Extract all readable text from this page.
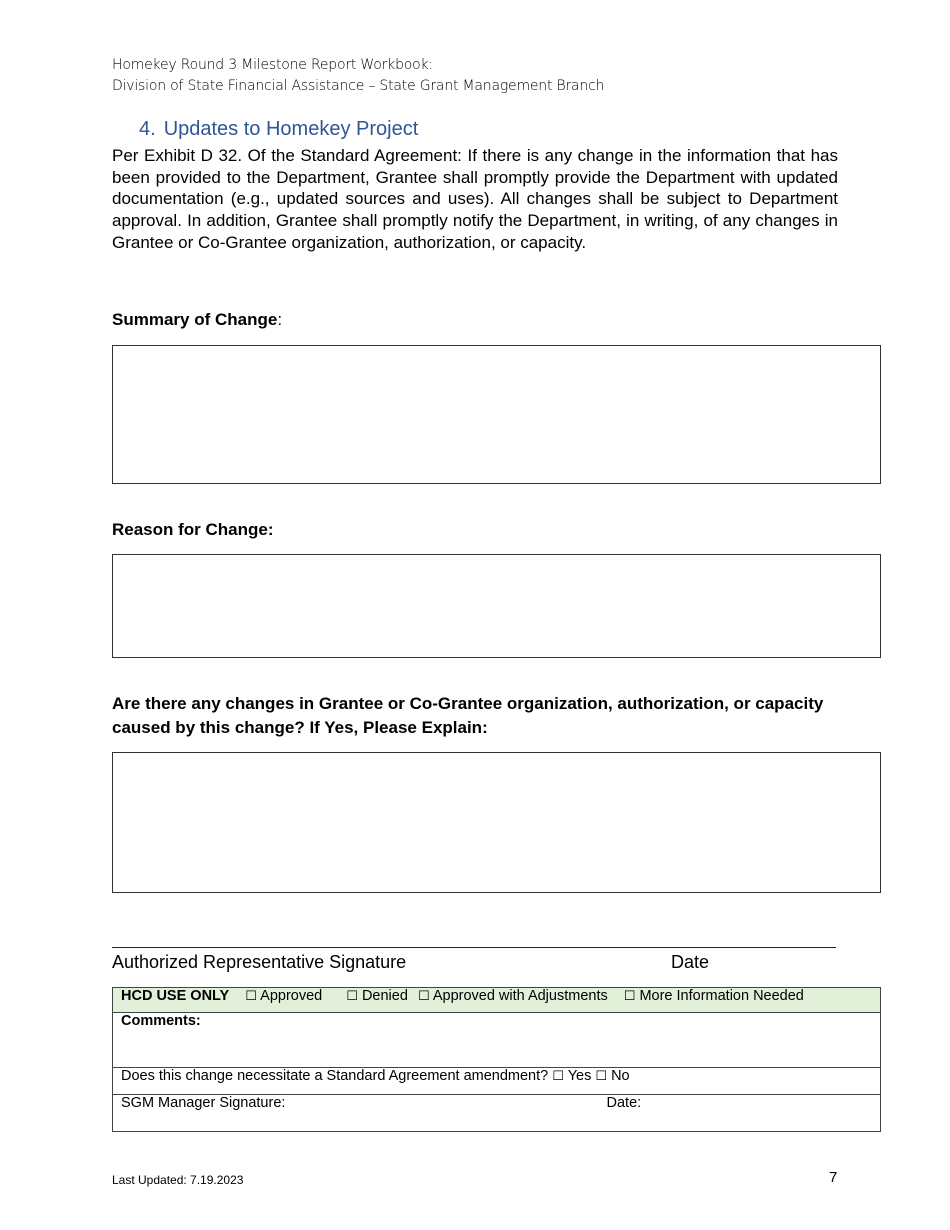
Homekey Round 3 Milestone Report Workbook:
Division of State Financial Assistance – State Grant Management Branch
4. Updates to Homekey Project
Per Exhibit D 32. Of the Standard Agreement: If there is any change in the information that has been provided to the Department, Grantee shall promptly provide the Department with updated documentation (e.g., updated sources and uses). All changes shall be subject to Department approval. In addition, Grantee shall promptly notify the Department, in writing, of any changes in Grantee or Co-Grantee organization, authorization, or capacity.
Summary of Change:
Reason for Change:
Are there any changes in Grantee or Co-Grantee organization, authorization, or capacity caused by this change? If Yes, Please Explain:
Authorized Representative Signature	Date
HCD USE ONLY ☐ Approved ☐ Denied ☐ Approved with Adjustments ☐ More Information Needed
Comments:
Does this change necessitate a Standard Agreement amendment? ☐ Yes ☐ No
SGM Manager Signature:	Date:
Last Updated: 7.19.2023	7
